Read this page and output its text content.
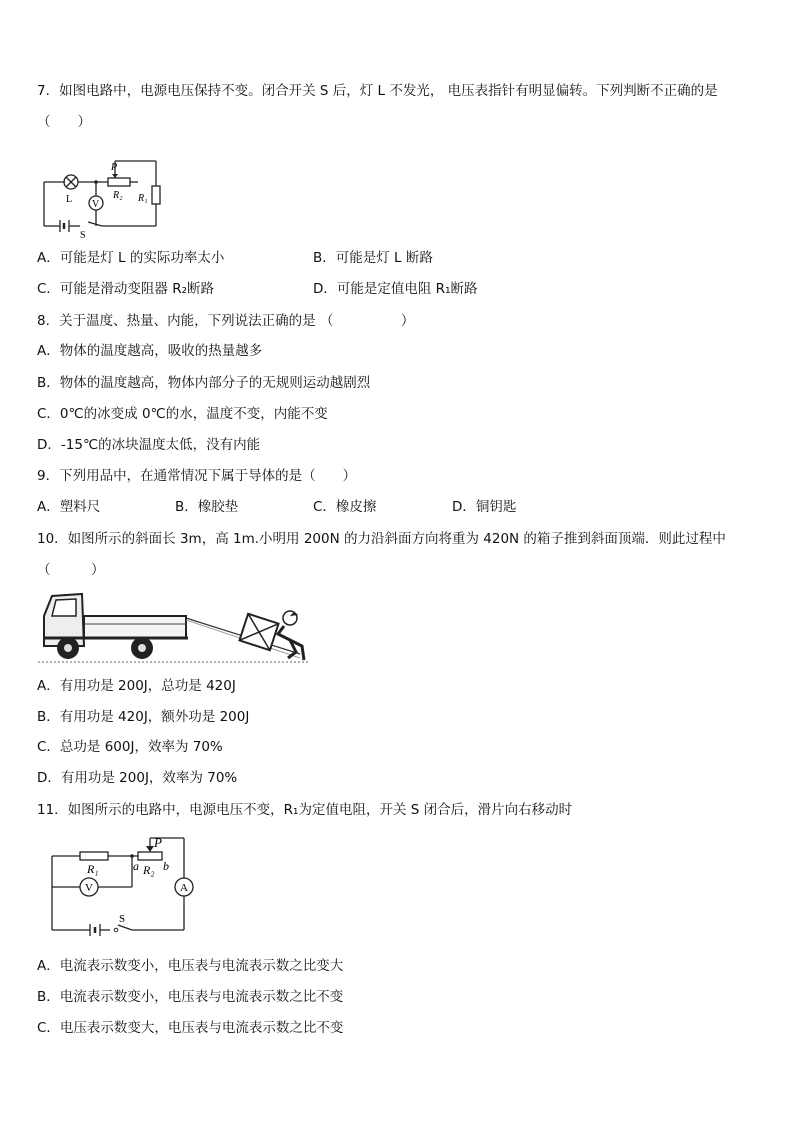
7．如图电路中，电源电压保持不变。闭合开关 S 后，灯 L 不发光， 电压表指针有明显偏转。下列判断不正确的是
（　　）
L V
S
P
R₂ R₁
A．可能是灯 L 的实际功率太小	B．可能是灯 L 断路
C．可能是滑动变阻器 R₂断路	D．可能是定值电阻 R₁断路
8．关于温度、热量、内能，下列说法正确的是 （　　　　　）
A．物体的温度越高，吸收的热量越多
B．物体的温度越高，物体内部分子的无规则运动越剧烈
C．0℃的冰变成 0℃的水，温度不变，内能不变
D．-15℃的冰块温度太低，没有内能
9．下列用品中，在通常情况下属于导体的是（　　）
A．塑料尺	B．橡胶垫	C．橡皮擦	D．铜钥匙
10．如图所示的斜面长 3m，高 1m.小明用 200N 的力沿斜面方向将重为 420N 的箱子推到斜面顶端．则此过程中
（　　　）
A．有用功是 200J，总功是 420J
B．有用功是 420J，额外功是 200J
C．总功是 600J，效率为 70%
D．有用功是 200J，效率为 70%
11．如图所示的电路中，电源电压不变，R₁为定值电阻，开关 S 闭合后，滑片向右移动时
R₁
V	A
S
P
R₂
a b
A．电流表示数变小，电压表与电流表示数之比变大
B．电流表示数变小，电压表与电流表示数之比不变
C．电压表示数变大，电压表与电流表示数之比不变
